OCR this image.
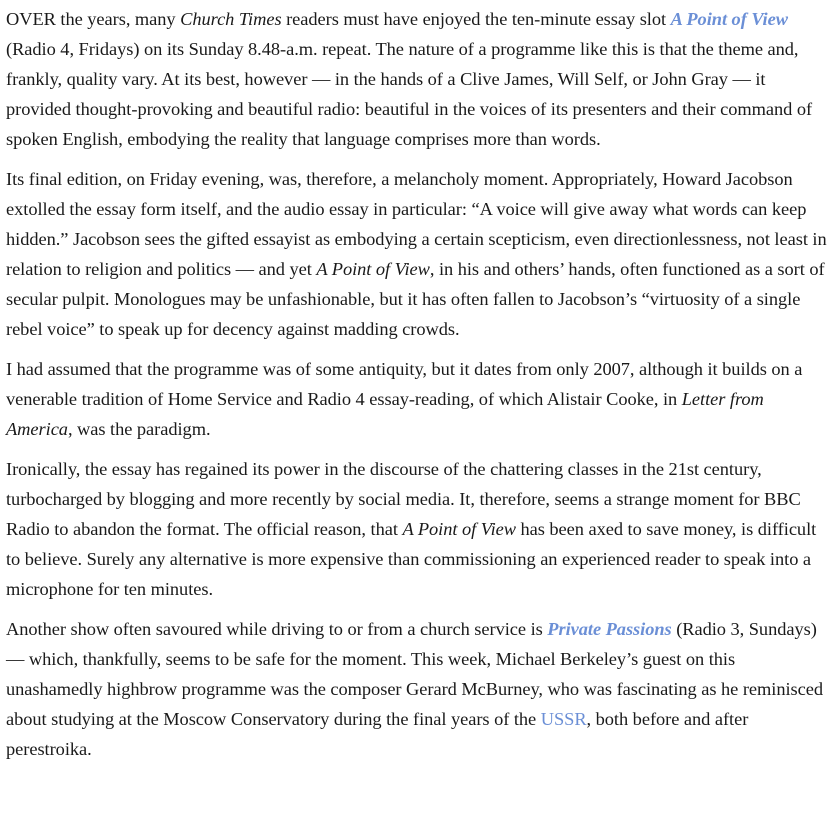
OVER the years, many Church Times readers must have enjoyed the ten-minute essay slot A Point of View (Radio 4, Fridays) on its Sunday 8.48-a.m. repeat. The nature of a programme like this is that the theme and, frankly, quality vary. At its best, however — in the hands of a Clive James, Will Self, or John Gray — it provided thought-provoking and beautiful radio: beautiful in the voices of its presenters and their command of spoken English, embodying the reality that language comprises more than words.

Its final edition, on Friday evening, was, therefore, a melancholy moment. Appropriately, Howard Jacobson extolled the essay form itself, and the audio essay in particular: “A voice will give away what words can keep hidden.” Jacobson sees the gifted essayist as embodying a certain scepticism, even directionlessness, not least in relation to religion and politics — and yet A Point of View, in his and others’ hands, often functioned as a sort of secular pulpit. Monologues may be unfashionable, but it has often fallen to Jacobson’s “virtuosity of a single rebel voice” to speak up for decency against madding crowds.

I had assumed that the programme was of some antiquity, but it dates from only 2007, although it builds on a venerable tradition of Home Service and Radio 4 essay-reading, of which Alistair Cooke, in Letter from America, was the paradigm.

Ironically, the essay has regained its power in the discourse of the chattering classes in the 21st century, turbocharged by blogging and more recently by social media. It, therefore, seems a strange moment for BBC Radio to abandon the format. The official reason, that A Point of View has been axed to save money, is difficult to believe. Surely any alternative is more expensive than commissioning an experienced reader to speak into a microphone for ten minutes.

Another show often savoured while driving to or from a church service is Private Passions (Radio 3, Sundays) — which, thankfully, seems to be safe for the moment. This week, Michael Berkeley’s guest on this unashamedly highbrow programme was the composer Gerard McBurney, who was fascinating as he reminisced about studying at the Moscow Conservatory during the final years of the USSR, both before and after perestroika.
